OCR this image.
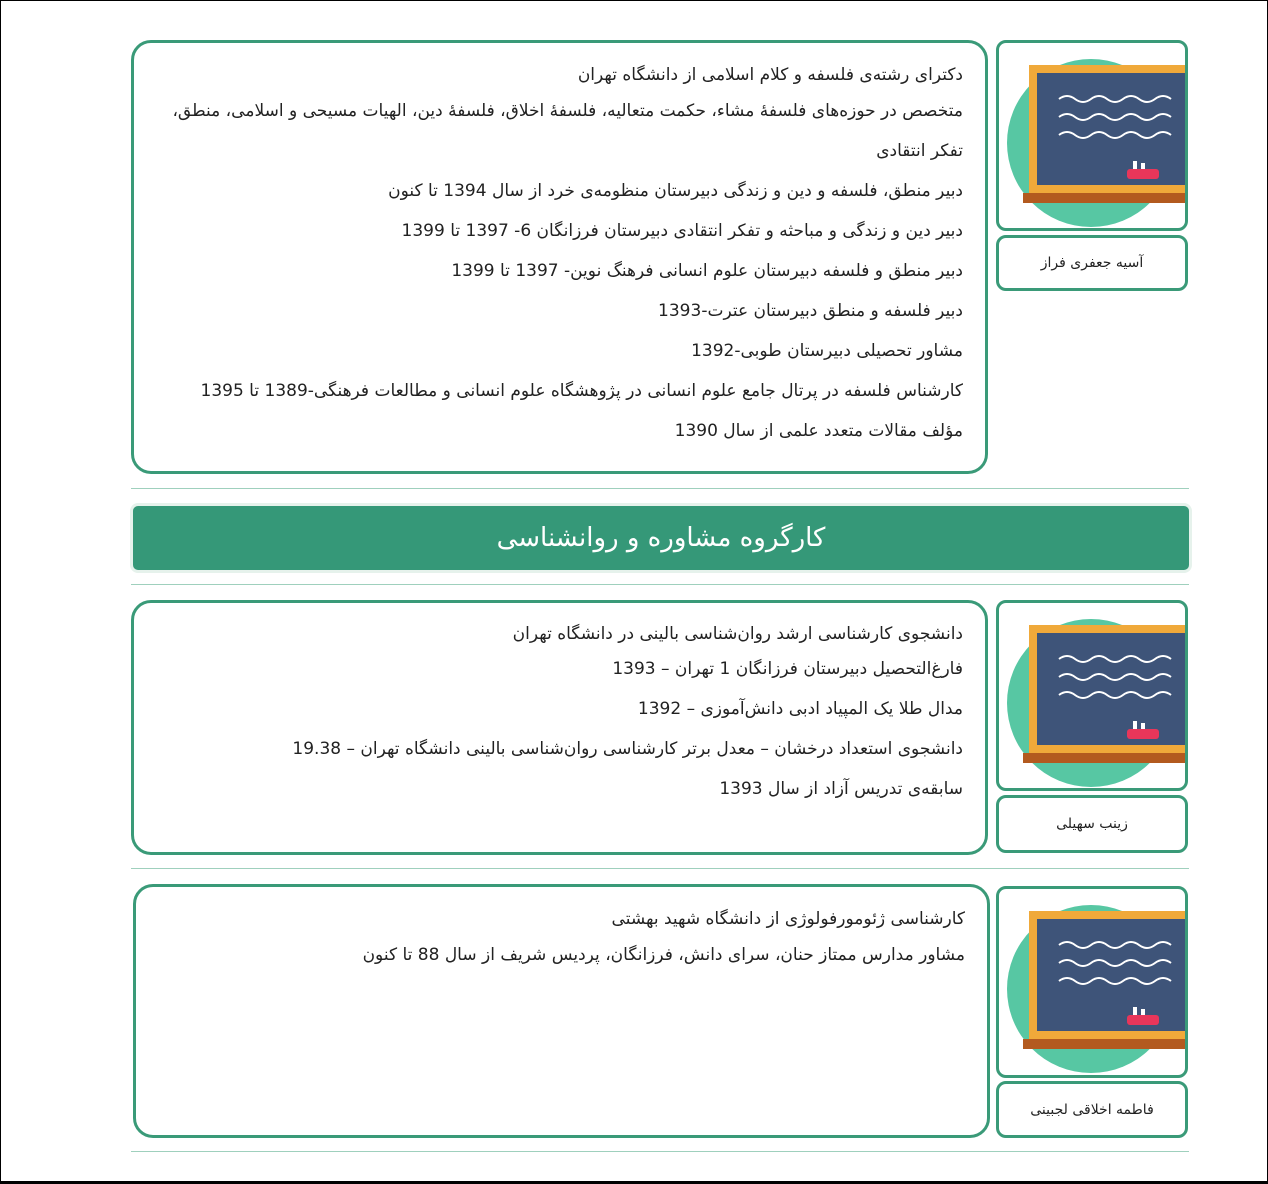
دکترای رشته‌ی فلسفه و کلام اسلامی از دانشگاه تهران

متخصص در حوزه‌های فلسفۀ مشاء، حکمت متعالیه، فلسفۀ اخلاق، فلسفۀ دین، الهیات مسیحی و اسلامی، منطق، تفکر انتقادی

دبیر منطق، فلسفه و دین و زندگی دبیرستان منظومه‌ی خرد از سال 1394 تا کنون

دبیر دین و زندگی و مباحثه و تفکر انتقادی دبیرستان فرزانگان 6- 1397 تا 1399

دبیر منطق و فلسفه دبیرستان علوم انسانی فرهنگ نوین- 1397 تا 1399

دبیر فلسفه و منطق دبیرستان عترت-1393

مشاور تحصیلی دبیرستان طوبی-1392

کارشناس فلسفه در پرتال جامع علوم انسانی در پژوهشگاه علوم انسانی و مطالعات فرهنگی-1389 تا 1395

مؤلف مقالات متعدد علمی از سال 1390

آسیه جعفری فراز
کارگروه مشاوره و روانشناسی

دانشجوی کارشناسی ارشد روان‌شناسی بالینی در دانشگاه تهران

فارغ‌التحصیل دبیرستان فرزانگان 1 تهران – 1393

مدال طلا یک المپیاد ادبی دانش‌آموزی – 1392

دانشجوی استعداد درخشان – معدل برتر کارشناسی روان‌شناسی بالینی دانشگاه تهران – 19.38

سابقه‌ی تدریس آزاد از سال 1393

زینب سهیلی

کارشناسی ژئومورفولوژی از دانشگاه شهید بهشتی

مشاور مدارس ممتاز حنان، سرای دانش، فرزانگان، پردیس شریف از سال 88 تا کنون

فاطمه اخلاقی لجبینی
